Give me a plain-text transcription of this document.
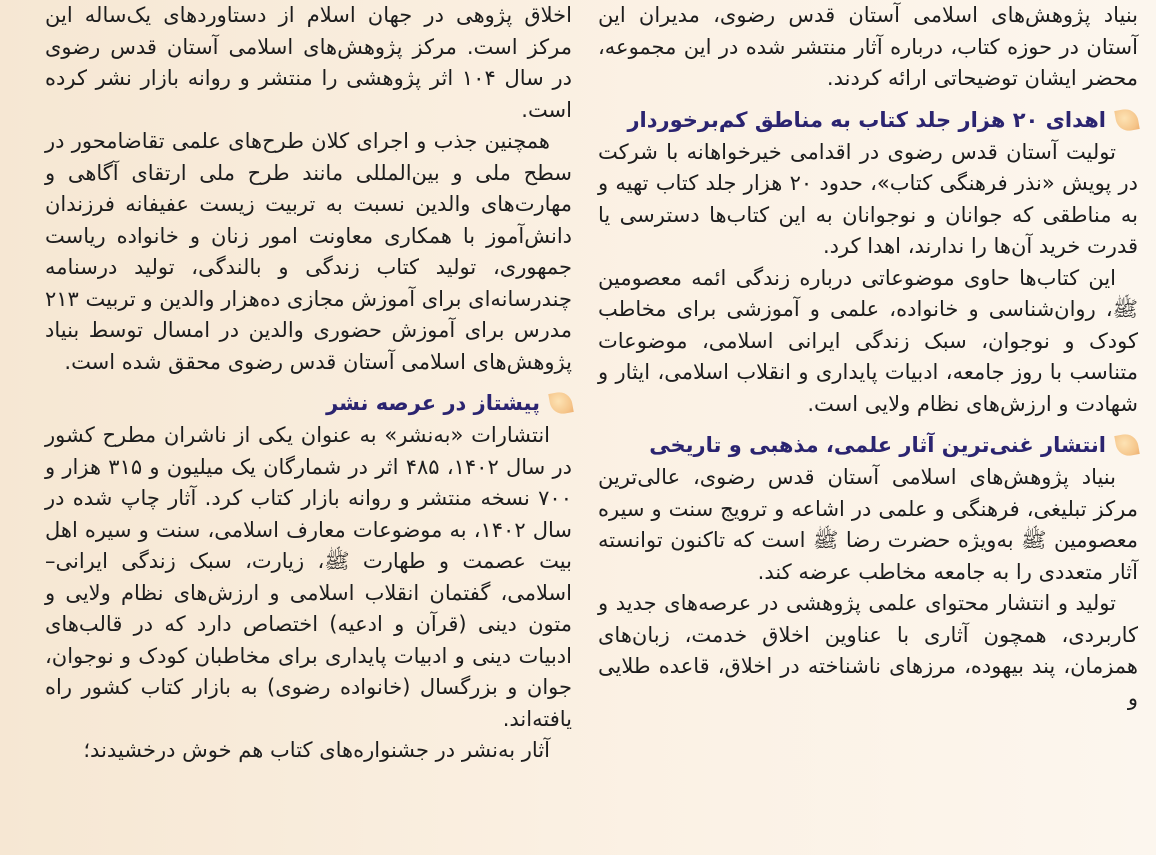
بنیاد پژوهش‌های اسلامی آستان قدس رضوی، مدیران این آستان در حوزه کتاب، درباره آثار منتشر شده در این مجموعه، محضر ایشان توضیحاتی ارائه کردند.

اهدای ۲۰ هزار جلد کتاب به مناطق کم‌برخوردار

تولیت آستان قدس رضوی در اقدامی خیرخواهانه با شرکت در پویش «نذر فرهنگی کتاب»، حدود ۲۰ هزار جلد کتاب تهیه و به مناطقی که جوانان و نوجوانان به این کتاب‌ها دسترسی یا قدرت خرید آن‌ها را ندارند، اهدا کرد.

این کتاب‌ها حاوی موضوعاتی درباره زندگی ائمه معصومین ﷺ، روان‌شناسی و خانواده، علمی و آموزشی برای مخاطب کودک و نوجوان، سبک زندگی ایرانی اسلامی، موضوعات متناسب با روز جامعه، ادبیات پایداری و انقلاب اسلامی، ایثار و شهادت و ارزش‌های نظام ولایی است.

انتشار غنی‌ترین آثار علمی، مذهبی و تاریخی

بنیاد پژوهش‌های اسلامی آستان قدس رضوی، عالی‌ترین مرکز تبلیغی، فرهنگی و علمی در اشاعه و ترویج سنت و سیره معصومین ﷺ به‌ویژه حضرت رضا ﷺ است که تاکنون توانسته آثار متعددی را به جامعه مخاطب عرضه کند.

تولید و انتشار محتوای علمی پژوهشی در عرصه‌های جدید و کاربردی، همچون آثاری با عناوین اخلاق خدمت، زبان‌های همزمان، پند بیهوده، مرزهای ناشناخته در اخلاق، قاعده طلایی و

اخلاق پژوهی در جهان اسلام از دستاوردهای یک‌ساله این مرکز است. مرکز پژوهش‌های اسلامی آستان قدس رضوی در سال ۱۰۴ اثر پژوهشی را منتشر و روانه بازار نشر کرده است.

همچنین جذب و اجرای کلان طرح‌های علمی تقاضامحور در سطح ملی و بین‌المللی مانند طرح ملی ارتقای آگاهی و مهارت‌های والدین نسبت به تربیت زیست عفیفانه فرزندان دانش‌آموز با همکاری معاونت امور زنان و خانواده ریاست جمهوری، تولید کتاب زندگی و بالندگی، تولید درسنامه چندرسانه‌ای برای آموزش مجازی ده‌هزار والدین و تربیت ۲۱۳ مدرس برای آموزش حضوری والدین در امسال توسط بنیاد پژوهش‌های اسلامی آستان قدس رضوی محقق شده است.

پیشتاز در عرصه نشر

انتشارات «به‌نشر» به عنوان یکی از ناشران مطرح کشور در سال ۱۴۰۲، ۴۸۵ اثر در شمارگان یک میلیون و ۳۱۵ هزار و ۷۰۰ نسخه منتشر و روانه بازار کتاب کرد. آثار چاپ شده در سال ۱۴۰۲، به موضوعات معارف اسلامی، سنت و سیره اهل بیت عصمت و طهارت ﷺ، زیارت، سبک زندگی ایرانی–اسلامی، گفتمان انقلاب اسلامی و ارزش‌های نظام ولایی و متون دینی (قرآن و ادعیه) اختصاص دارد که در قالب‌های ادبیات دینی و ادبیات پایداری برای مخاطبان کودک و نوجوان، جوان و بزرگسال (خانواده رضوی) به بازار کتاب کشور راه یافته‌اند.

آثار به‌نشر در جشنواره‌های کتاب هم خوش درخشیدند؛
